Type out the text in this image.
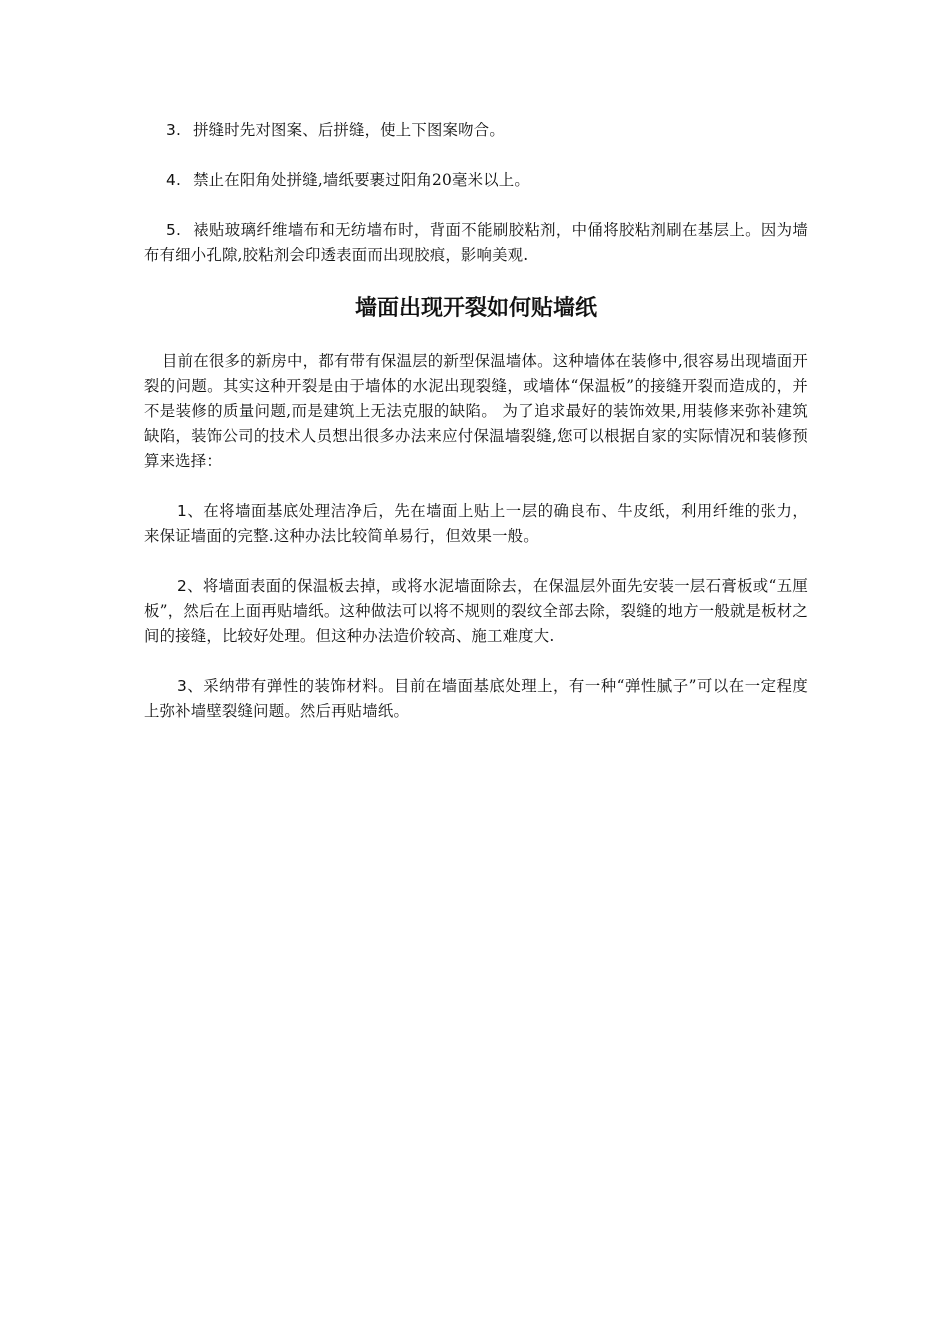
3. 拼缝时先对图案、后拼缝，使上下图案吻合。

4. 禁止在阳角处拼缝,墙纸要裹过阳角20毫米以上。

5. 裱贴玻璃纤维墙布和无纺墙布时，背面不能刷胶粘剂，中俑将胶粘剂刷在基层上。因为墙布有细小孔隙,胶粘剂会印透表面而出现胶痕，影响美观.

墙面出现开裂如何贴墙纸

目前在很多的新房中，都有带有保温层的新型保温墙体。这种墙体在装修中,很容易出现墙面开裂的问题。其实这种开裂是由于墙体的水泥出现裂缝，或墙体“保温板”的接缝开裂而造成的，并不是装修的质量问题,而是建筑上无法克服的缺陷。 为了追求最好的装饰效果,用装修来弥补建筑缺陷，装饰公司的技术人员想出很多办法来应付保温墙裂缝,您可以根据自家的实际情况和装修预算来选择：

1、在将墙面基底处理洁净后，先在墙面上贴上一层的确良布、牛皮纸，利用纤维的张力，来保证墙面的完整.这种办法比较简单易行，但效果一般。

2、将墙面表面的保温板去掉，或将水泥墙面除去，在保温层外面先安装一层石膏板或“五厘板”，然后在上面再贴墙纸。这种做法可以将不规则的裂纹全部去除，裂缝的地方一般就是板材之间的接缝，比较好处理。但这种办法造价较高、施工难度大.

3、采纳带有弹性的装饰材料。目前在墙面基底处理上，有一种“弹性腻子”可以在一定程度上弥补墙壁裂缝问题。然后再贴墙纸。
